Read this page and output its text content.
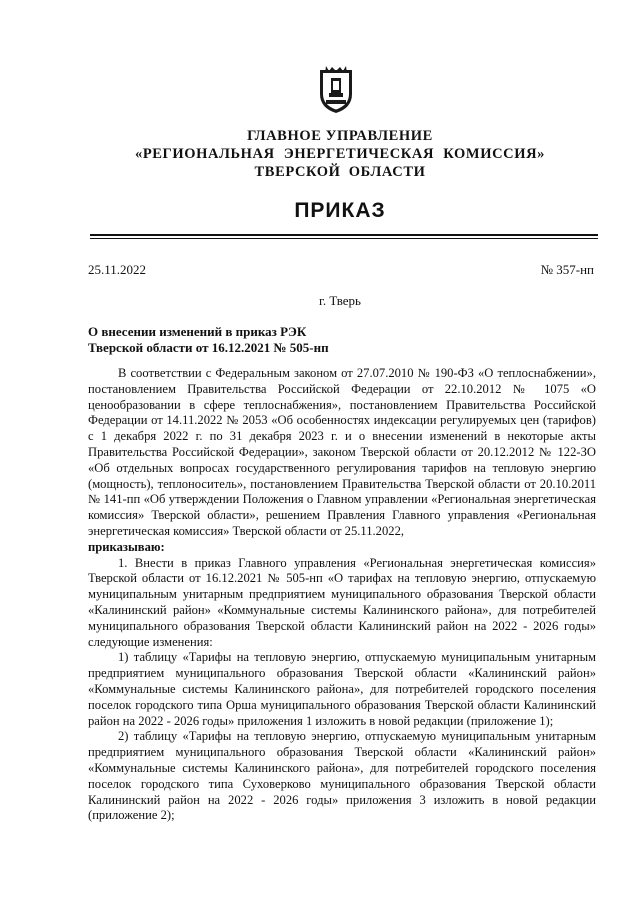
ГЛАВНОЕ УПРАВЛЕНИЕ
«РЕГИОНАЛЬНАЯ ЭНЕРГЕТИЧЕСКАЯ КОМИССИЯ»
ТВЕРСКОЙ ОБЛАСТИ
ПРИКАЗ
25.11.2022	№ 357-нп
г. Тверь
О внесении изменений в приказ РЭК
Тверской области от 16.12.2021 № 505-нп

В соответствии с Федеральным законом от 27.07.2010 № 190-ФЗ «О теплоснабжении», постановлением Правительства Российской Федерации от 22.10.2012 № 1075 «О ценообразовании в сфере теплоснабжения», постановлением Правительства Российской Федерации от 14.11.2022 № 2053 «Об особенностях индексации регулируемых цен (тарифов) с 1 декабря 2022 г. по 31 декабря 2023 г. и о внесении изменений в некоторые акты Правительства Российской Федерации», законом Тверской области от 20.12.2012 № 122-ЗО «Об отдельных вопросах государственного регулирования тарифов на тепловую энергию (мощность), теплоноситель», постановлением Правительства Тверской области от 20.10.2011 № 141-пп «Об утверждении Положения о Главном управлении «Региональная энергетическая комиссия» Тверской области», решением Правления Главного управления «Региональная энергетическая комиссия» Тверской области от 25.11.2022,

приказываю:

1. Внести в приказ Главного управления «Региональная энергетическая комиссия» Тверской области от 16.12.2021 № 505-нп «О тарифах на тепловую энергию, отпускаемую муниципальным унитарным предприятием муниципального образования Тверской области «Калининский район» «Коммунальные системы Калининского района», для потребителей муниципального образования Тверской области Калининский район на 2022 - 2026 годы» следующие изменения:

1) таблицу «Тарифы на тепловую энергию, отпускаемую муниципальным унитарным предприятием муниципального образования Тверской области «Калининский район» «Коммунальные системы Калининского района», для потребителей городского поселения поселок городского типа Орша муниципального образования Тверской области Калининский район на 2022 - 2026 годы» приложения 1 изложить в новой редакции (приложение 1);

2) таблицу «Тарифы на тепловую энергию, отпускаемую муниципальным унитарным предприятием муниципального образования Тверской области «Калининский район» «Коммунальные системы Калининского района», для потребителей городского поселения поселок городского типа Суховерково муниципального образования Тверской области Калининский район на 2022 - 2026 годы» приложения 3 изложить в новой редакции (приложение 2);
